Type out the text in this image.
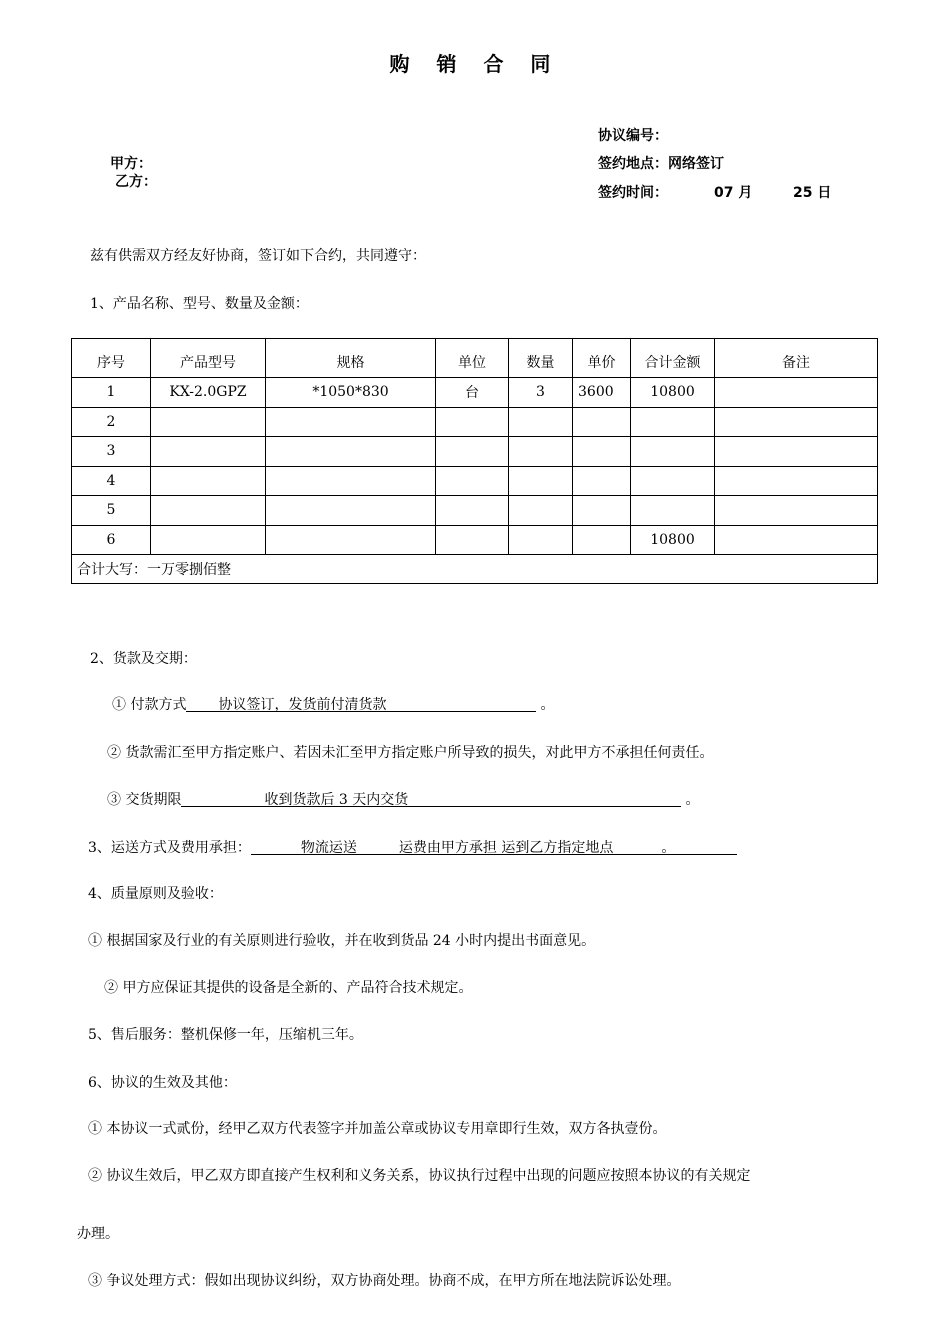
购 销 合 同
协议编号：
甲方：	签约地点：网络签订
乙方：
签约时间：	07 月	25 日
兹有供需双方经友好协商，签订如下合约，共同遵守：
1、产品名称、型号、数量及金额：
序号	产品型号	规格	单位	数量	单价	合计金额	备注
1	KX-2.0GPZ	*1050*830	台	3	3600	10800	
2							
3							
4							
5							
6						10800	
合计大写：一万零捌佰整							
2、货款及交期：
① 付款方式 协议签订，发货前付清货款	。
② 货款需汇至甲方指定账户、若因未汇至甲方指定账户所导致的损失，对此甲方不承担任何责任。
③ 交货期限	收到货款后 3 天内交货	。
3、运送方式及费用承担：	物流运送	运费由甲方承担 运到乙方指定地点	。
4、质量原则及验收：
① 根据国家及行业的有关原则进行验收，并在收到货品 24 小时内提出书面意见。
② 甲方应保证其提供的设备是全新的、产品符合技术规定。
5、售后服务：整机保修一年，压缩机三年。
6、协议的生效及其他：
① 本协议一式贰份，经甲乙双方代表签字并加盖公章或协议专用章即行生效，双方各执壹份。
② 协议生效后，甲乙双方即直接产生权利和义务关系，协议执行过程中出现的问题应按照本协议的有关规定
办理。
③ 争议处理方式：假如出现协议纠纷，双方协商处理。协商不成，在甲方所在地法院诉讼处理。
